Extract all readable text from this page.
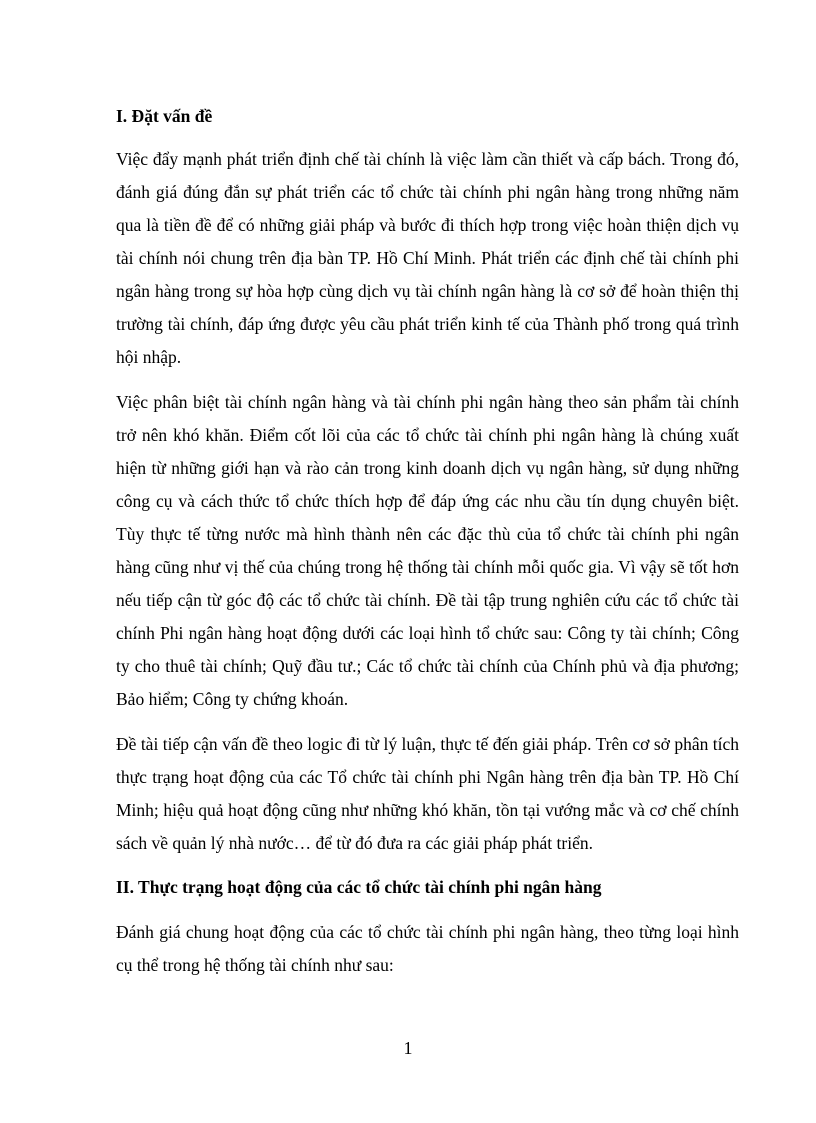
I. Đặt vấn đề

Việc đẩy mạnh phát triển định chế tài chính là việc làm cần thiết và cấp bách. Trong đó, đánh giá đúng đắn sự phát triển các tổ chức tài chính phi ngân hàng trong những năm qua là tiền đề để có những giải pháp và bước đi thích hợp trong việc hoàn thiện dịch vụ tài chính nói chung trên địa bàn TP. Hồ Chí Minh. Phát triển các định chế tài chính phi ngân hàng trong sự hòa hợp cùng dịch vụ tài chính ngân hàng là cơ sở để hoàn thiện thị trường tài chính, đáp ứng được yêu cầu phát triển kinh tế của Thành phố trong quá trình hội nhập.

Việc phân biệt tài chính ngân hàng và tài chính phi ngân hàng theo sản phẩm tài chính trở nên khó khăn. Điểm cốt lõi của các tổ chức tài chính phi ngân hàng là chúng xuất hiện từ những giới hạn và rào cản trong kinh doanh dịch vụ ngân hàng, sử dụng những công cụ và cách thức tổ chức thích hợp để đáp ứng các nhu cầu tín dụng chuyên biệt. Tùy thực tế từng nước mà hình thành nên các đặc thù của tổ chức tài chính phi ngân hàng cũng như vị thế của chúng trong hệ thống tài chính mỗi quốc gia. Vì vậy sẽ tốt hơn nếu tiếp cận từ góc độ các tổ chức tài chính. Đề tài tập trung nghiên cứu các tổ chức tài chính Phi ngân hàng hoạt động dưới các loại hình tổ chức sau: Công ty tài chính; Công ty cho thuê tài chính; Quỹ đầu tư.; Các tổ chức tài chính của Chính phủ và địa phương; Bảo hiểm; Công ty chứng khoán.

Đề tài tiếp cận vấn đề theo logic đi từ lý luận, thực tế đến giải pháp. Trên cơ sở phân tích thực trạng hoạt động của các Tổ chức tài chính phi Ngân hàng trên địa bàn TP. Hồ Chí Minh; hiệu quả hoạt động cũng như những khó khăn, tồn tại vướng mắc và cơ chế chính sách về quản lý nhà nước… để từ đó đưa ra các giải pháp phát triển.

II. Thực trạng hoạt động của các tổ chức tài chính phi ngân hàng

Đánh giá chung hoạt động của các tổ chức tài chính phi ngân hàng, theo từng loại hình cụ thể trong hệ thống tài chính như sau:

1
